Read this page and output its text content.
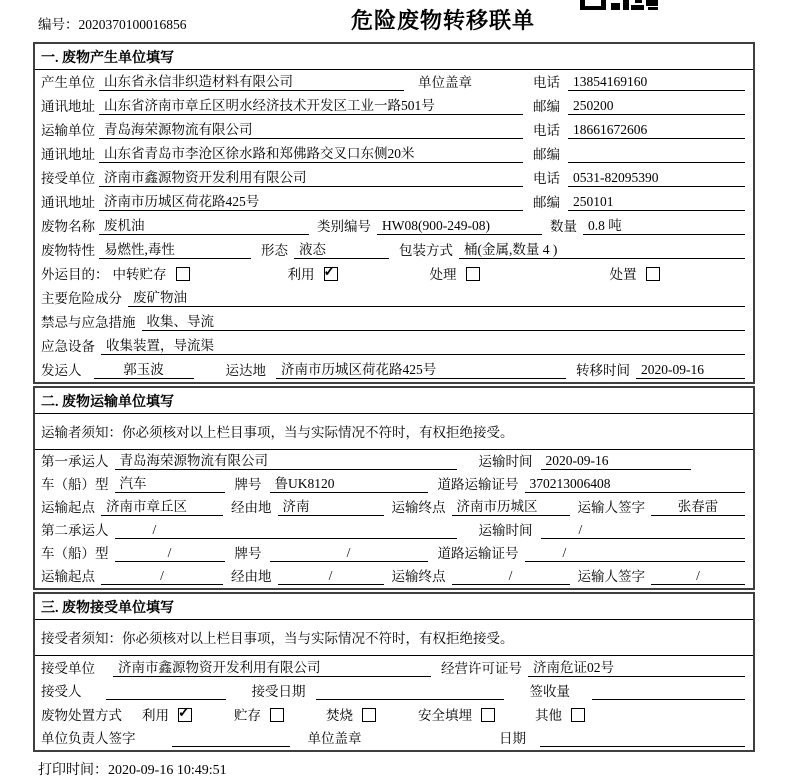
编号：2020370100016856	危险废物转移联单
一. 废物产生单位填写
产生单位 山东省永信非织造材料有限公司	单位盖章	电话 13854169160
通讯地址 山东省济南市章丘区明水经济技术开发区工业一路501号	邮编 250200
运输单位 青岛海荣源物流有限公司	电话 18661672606
通讯地址 山东省青岛市李沧区徐水路和郑佛路交叉口东侧20米	邮编
接受单位 济南市鑫源物资开发利用有限公司	电话 0531-82095390
通讯地址 济南市历城区荷花路425号	邮编 250101
废物名称 废机油	类别编号 HW08(900-249-08)	数量 0.8 吨
废物特性 易燃性,毒性	形态 液态	包装方式 桶(金属,数量 4 )
外运目的： 中转贮存	利用 ✓	处理	处置
主要危险成分 废矿物油
禁忌与应急措施 收集、导流
应急设备 收集装置，导流渠
发运人	郭玉波	运达地	济南市历城区荷花路425号	转移时间 2020-09-16
二. 废物运输单位填写
运输者须知：你必须核对以上栏目事项，当与实际情况不符时，有权拒绝接受。
第一承运人 青岛海荣源物流有限公司	运输时间 2020-09-16
车（船）型 汽车	牌号 鲁UK8120	道路运输证号 370213006408
运输起点 济南市章丘区	经由地 济南	运输终点 济南市历城区	运输人签字	张春雷
第二承运人	/	运输时间	/
车（船）型	/	牌号	/	道路运输证号	/
运输起点	/	经由地	/	运输终点	/	运输人签字	/
三. 废物接受单位填写
接受者须知：你必须核对以上栏目事项，当与实际情况不符时，有权拒绝接受。
接受单位	济南市鑫源物资开发利用有限公司	经营许可证号 济南危证02号
接受人	接受日期	签收量
废物处置方式 利用 ✓	贮存	焚烧	安全填埋	其他
单位负责人签字	单位盖章	日期
打印时间：2020-09-16 10:49:51
